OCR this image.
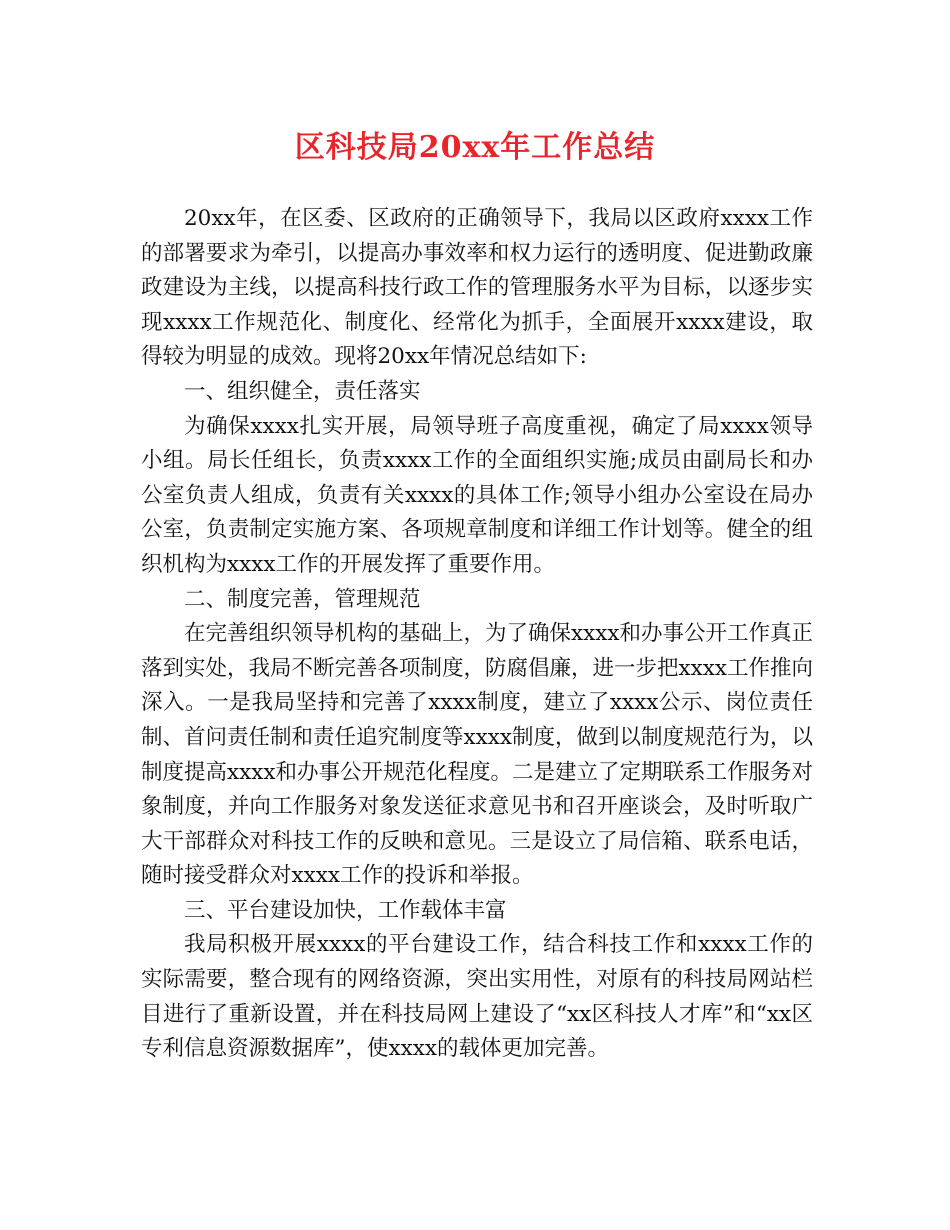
区科技局20xx年工作总结

20xx年，在区委、区政府的正确领导下，我局以区政府xxxx工作的部署要求为牵引，以提高办事效率和权力运行的透明度、促进勤政廉政建设为主线，以提高科技行政工作的管理服务水平为目标，以逐步实现xxxx工作规范化、制度化、经常化为抓手，全面展开xxxx建设，取得较为明显的成效。现将20xx年情况总结如下:

一、组织健全，责任落实

为确保xxxx扎实开展，局领导班子高度重视，确定了局xxxx领导小组。局长任组长，负责xxxx工作的全面组织实施;成员由副局长和办公室负责人组成，负责有关xxxx的具体工作;领导小组办公室设在局办公室，负责制定实施方案、各项规章制度和详细工作计划等。健全的组织机构为xxxx工作的开展发挥了重要作用。

二、制度完善，管理规范

在完善组织领导机构的基础上，为了确保xxxx和办事公开工作真正落到实处，我局不断完善各项制度，防腐倡廉，进一步把xxxx工作推向深入。一是我局坚持和完善了xxxx制度，建立了xxxx公示、岗位责任制、首问责任制和责任追究制度等xxxx制度，做到以制度规范行为，以制度提高xxxx和办事公开规范化程度。二是建立了定期联系工作服务对象制度，并向工作服务对象发送征求意见书和召开座谈会，及时听取广大干部群众对科技工作的反映和意见。三是设立了局信箱、联系电话，随时接受群众对xxxx工作的投诉和举报。

三、平台建设加快，工作载体丰富

我局积极开展xxxx的平台建设工作，结合科技工作和xxxx工作的实际需要，整合现有的网络资源，突出实用性，对原有的科技局网站栏目进行了重新设置，并在科技局网上建设了“xx区科技人才库”和“xx区专利信息资源数据库”，使xxxx的载体更加完善。
